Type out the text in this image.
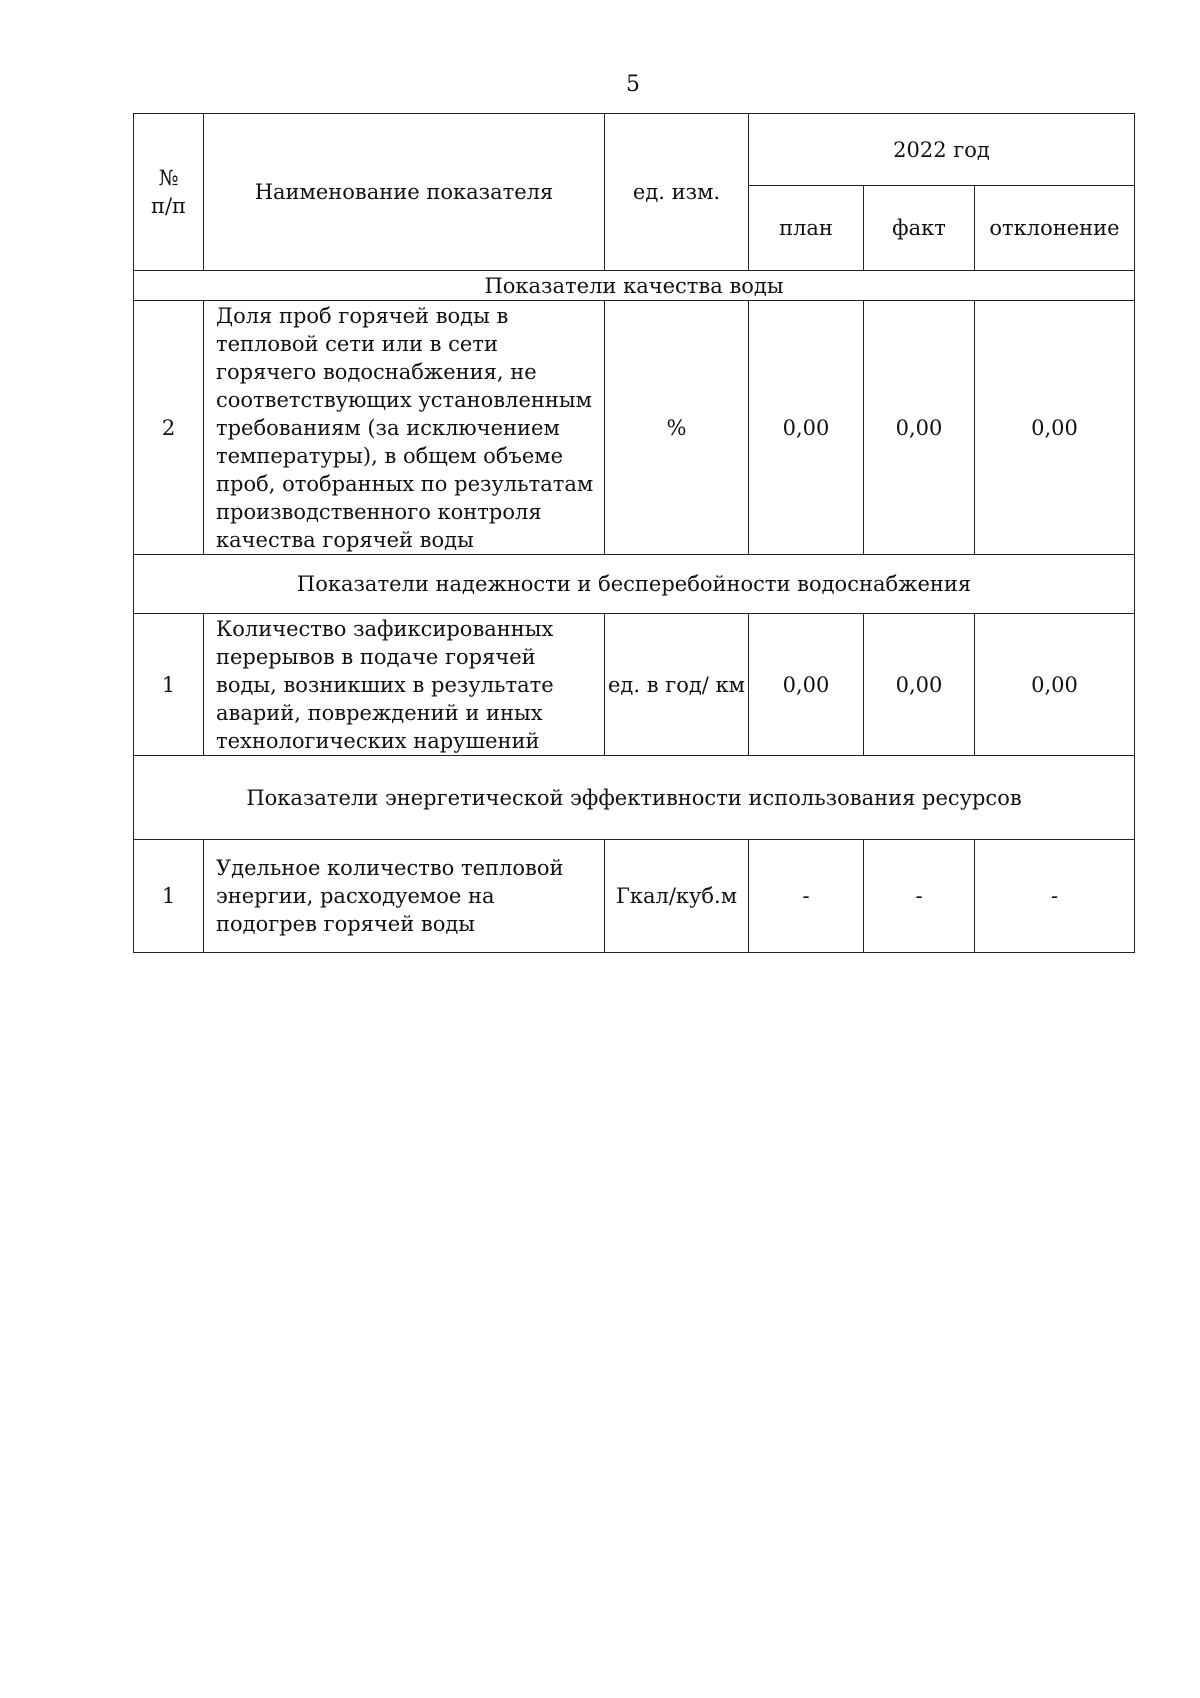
5
№
п/п	Наименование показателя	ед. изм.	2022 год		
			план	факт	отклонение
Показатели качества воды					
2	Доля проб горячей воды в тепловой сети или в сети горячего водоснабжения, не соответствующих установленным требованиям (за исключением температуры), в общем объеме проб, отобранных по результатам производственного контроля качества горячей воды	%	0,00	0,00	0,00
Показатели надежности и бесперебойности водоснабжения					
1	Количество зафиксированных перерывов в подаче горячей воды, возникших в результате аварий, повреждений и иных технологических нарушений	ед. в год/ км	0,00	0,00	0,00
Показатели энергетической эффективности использования ресурсов					
1	Удельное количество тепловой энергии, расходуемое на подогрев горячей воды	Гкал/куб.м	-	-	-
